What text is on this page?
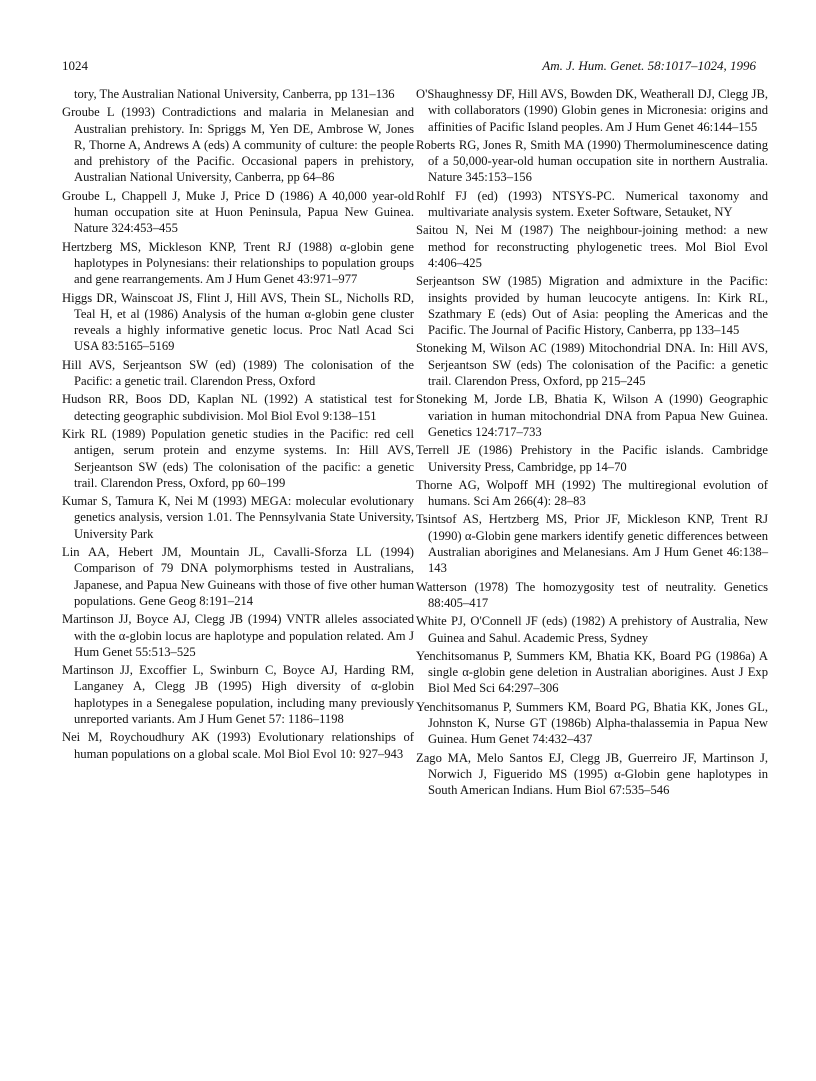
1024	Am. J. Hum. Genet. 58:1017–1024, 1996

tory, The Australian National University, Canberra, pp 131–136

Groube L (1993) Contradictions and malaria in Melanesian and Australian prehistory. In: Spriggs M, Yen DE, Ambrose W, Jones R, Thorne A, Andrews A (eds) A community of culture: the people and prehistory of the Pacific. Occasional papers in prehistory, Australian National University, Canberra, pp 64–86

Groube L, Chappell J, Muke J, Price D (1986) A 40,000 year-old human occupation site at Huon Peninsula, Papua New Guinea. Nature 324:453–455

Hertzberg MS, Mickleson KNP, Trent RJ (1988) α-globin gene haplotypes in Polynesians: their relationships to population groups and gene rearrangements. Am J Hum Genet 43:971–977

Higgs DR, Wainscoat JS, Flint J, Hill AVS, Thein SL, Nicholls RD, Teal H, et al (1986) Analysis of the human α-globin gene cluster reveals a highly informative genetic locus. Proc Natl Acad Sci USA 83:5165–5169

Hill AVS, Serjeantson SW (ed) (1989) The colonisation of the Pacific: a genetic trail. Clarendon Press, Oxford

Hudson RR, Boos DD, Kaplan NL (1992) A statistical test for detecting geographic subdivision. Mol Biol Evol 9:138–151

Kirk RL (1989) Population genetic studies in the Pacific: red cell antigen, serum protein and enzyme systems. In: Hill AVS, Serjeantson SW (eds) The colonisation of the pacific: a genetic trail. Clarendon Press, Oxford, pp 60–199

Kumar S, Tamura K, Nei M (1993) MEGA: molecular evolutionary genetics analysis, version 1.01. The Pennsylvania State University, University Park

Lin AA, Hebert JM, Mountain JL, Cavalli-Sforza LL (1994) Comparison of 79 DNA polymorphisms tested in Australians, Japanese, and Papua New Guineans with those of five other human populations. Gene Geog 8:191–214

Martinson JJ, Boyce AJ, Clegg JB (1994) VNTR alleles associated with the α-globin locus are haplotype and population related. Am J Hum Genet 55:513–525

Martinson JJ, Excoffier L, Swinburn C, Boyce AJ, Harding RM, Langaney A, Clegg JB (1995) High diversity of α-globin haplotypes in a Senegalese population, including many previously unreported variants. Am J Hum Genet 57: 1186–1198

Nei M, Roychoudhury AK (1993) Evolutionary relationships of human populations on a global scale. Mol Biol Evol 10: 927–943

O'Shaughnessy DF, Hill AVS, Bowden DK, Weatherall DJ, Clegg JB, with collaborators (1990) Globin genes in Micronesia: origins and affinities of Pacific Island peoples. Am J Hum Genet 46:144–155

Roberts RG, Jones R, Smith MA (1990) Thermoluminescence dating of a 50,000-year-old human occupation site in northern Australia. Nature 345:153–156

Rohlf FJ (ed) (1993) NTSYS-PC. Numerical taxonomy and multivariate analysis system. Exeter Software, Setauket, NY

Saitou N, Nei M (1987) The neighbour-joining method: a new method for reconstructing phylogenetic trees. Mol Biol Evol 4:406–425

Serjeantson SW (1985) Migration and admixture in the Pacific: insights provided by human leucocyte antigens. In: Kirk RL, Szathmary E (eds) Out of Asia: peopling the Americas and the Pacific. The Journal of Pacific History, Canberra, pp 133–145

Stoneking M, Wilson AC (1989) Mitochondrial DNA. In: Hill AVS, Serjeantson SW (eds) The colonisation of the Pacific: a genetic trail. Clarendon Press, Oxford, pp 215–245

Stoneking M, Jorde LB, Bhatia K, Wilson A (1990) Geographic variation in human mitochondrial DNA from Papua New Guinea. Genetics 124:717–733

Terrell JE (1986) Prehistory in the Pacific islands. Cambridge University Press, Cambridge, pp 14–70

Thorne AG, Wolpoff MH (1992) The multiregional evolution of humans. Sci Am 266(4): 28–83

Tsintsof AS, Hertzberg MS, Prior JF, Mickleson KNP, Trent RJ (1990) α-Globin gene markers identify genetic differences between Australian aborigines and Melanesians. Am J Hum Genet 46:138–143

Watterson (1978) The homozygosity test of neutrality. Genetics 88:405–417

White PJ, O'Connell JF (eds) (1982) A prehistory of Australia, New Guinea and Sahul. Academic Press, Sydney

Yenchitsomanus P, Summers KM, Bhatia KK, Board PG (1986a) A single α-globin gene deletion in Australian aborigines. Aust J Exp Biol Med Sci 64:297–306

Yenchitsomanus P, Summers KM, Board PG, Bhatia KK, Jones GL, Johnston K, Nurse GT (1986b) Alpha-thalassemia in Papua New Guinea. Hum Genet 74:432–437

Zago MA, Melo Santos EJ, Clegg JB, Guerreiro JF, Martinson J, Norwich J, Figuerido MS (1995) α-Globin gene haplotypes in South American Indians. Hum Biol 67:535–546
